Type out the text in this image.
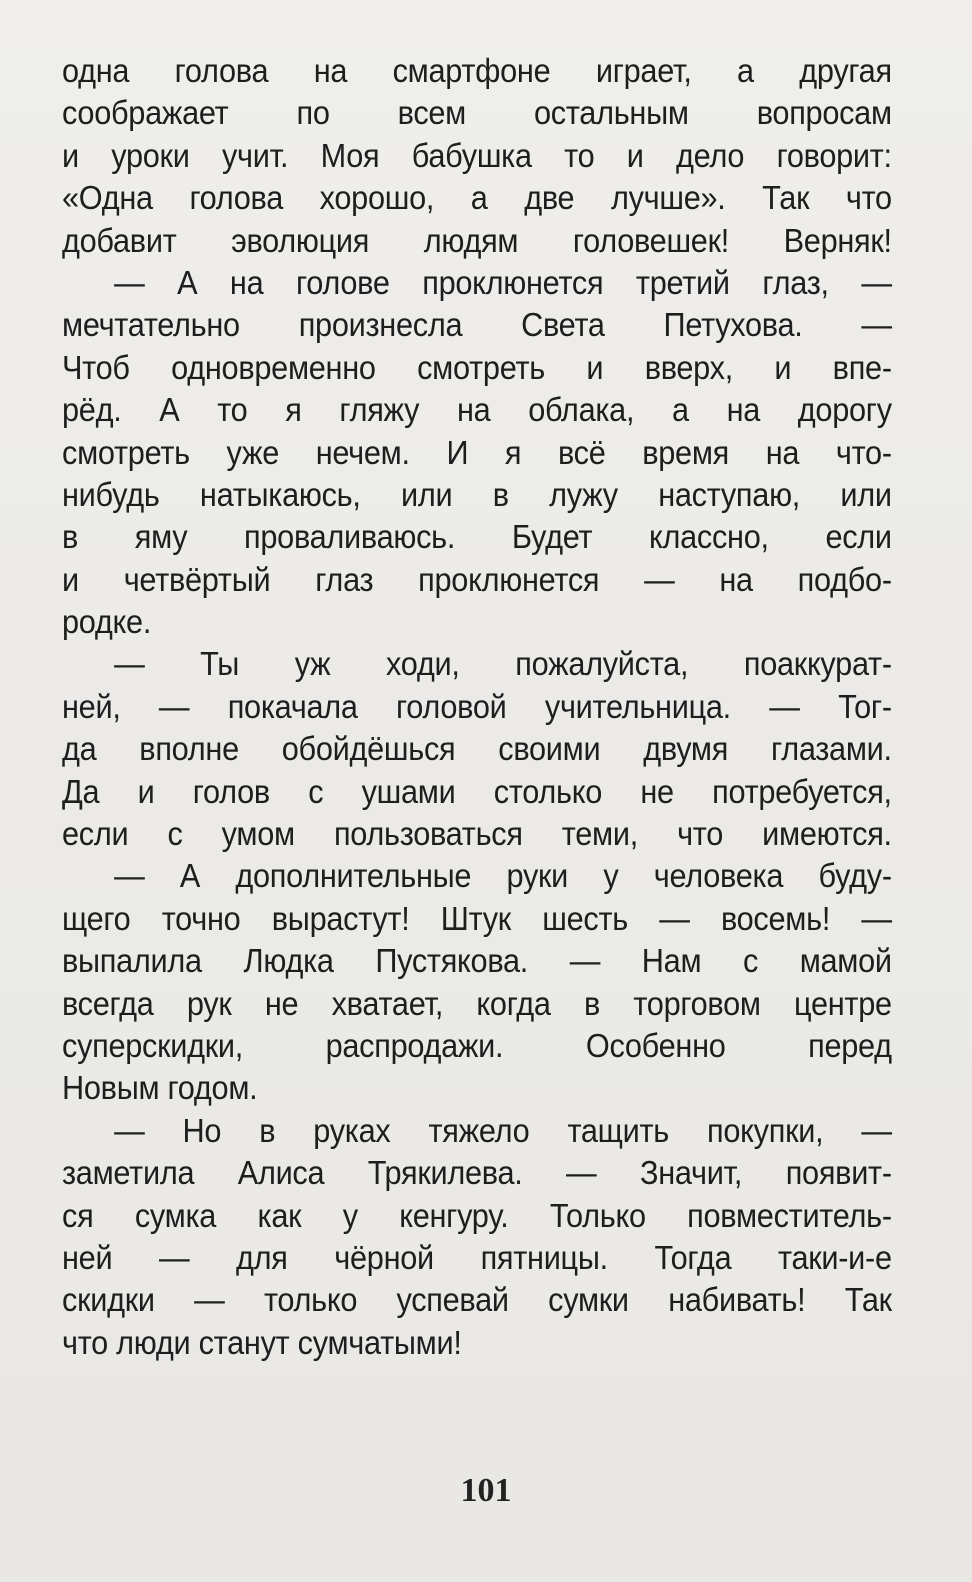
одна голова на смартфоне играет, а другая
соображает по всем остальным вопросам
и уроки учит. Моя бабушка то и дело говорит:
«Одна голова хорошо, а две лучше». Так что
добавит эволюция людям головешек! Верняк!
— А на голове проклюнется третий глаз, —
мечтательно произнесла Света Петухова. —
Чтоб одновременно смотреть и вверх, и впе-
рёд. А то я гляжу на облака, а на дорогу
смотреть уже нечем. И я всё время на что-
нибудь натыкаюсь, или в лужу наступаю, или
в яму проваливаюсь. Будет классно, если
и четвёртый глаз проклюнется — на подбо-
родке.
— Ты уж ходи, пожалуйста, поаккурат-
ней, — покачала головой учительница. — Тог-
да вполне обойдёшься своими двумя глазами.
Да и голов с ушами столько не потребуется,
если с умом пользоваться теми, что имеются.
— А дополнительные руки у человека буду-
щего точно вырастут! Штук шесть — восемь! —
выпалила Людка Пустякова. — Нам с мамой
всегда рук не хватает, когда в торговом центре
суперскидки, распродажи. Особенно перед
Новым годом.
— Но в руках тяжело тащить покупки, —
заметила Алиса Трякилева. — Значит, появит-
ся сумка как у кенгуру. Только повместитель-
ней — для чёрной пятницы. Тогда таки-и-е
скидки — только успевай сумки набивать! Так
что люди станут сумчатыми!
101
